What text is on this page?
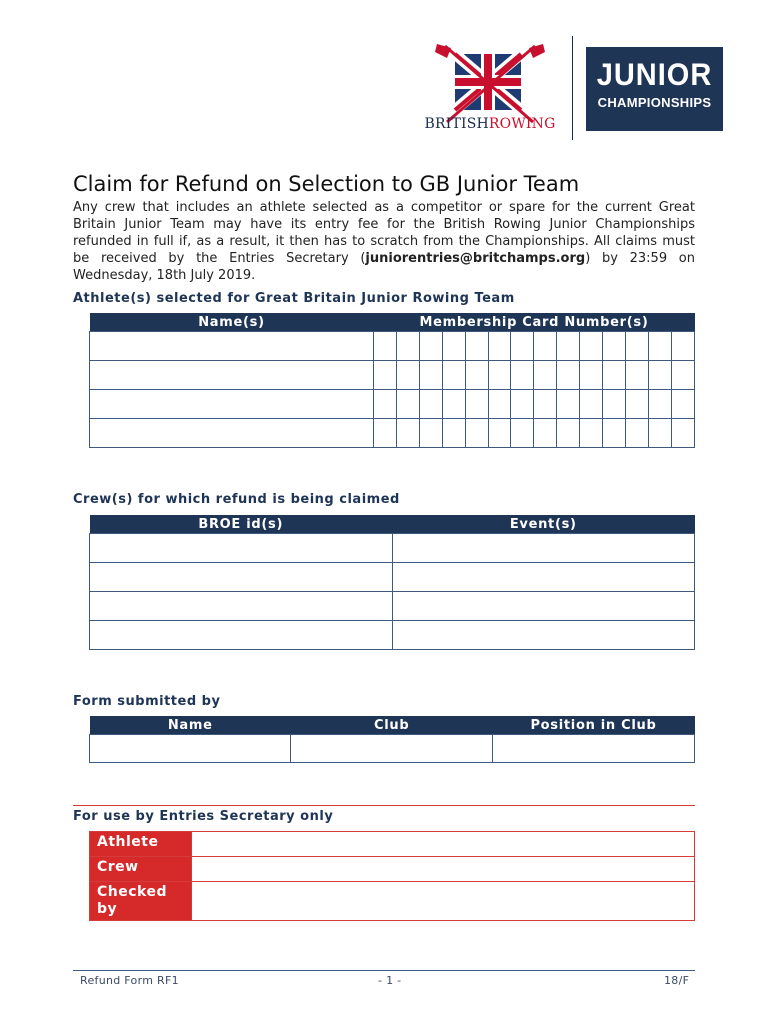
BRITISHROWING
JUNIOR
CHAMPIONSHIPS
Claim for Refund on Selection to GB Junior Team
Any crew that includes an athlete selected as a competitor or spare for the current Great Britain Junior Team may have its entry fee for the British Rowing Junior Championships refunded in full if, as a result, it then has to scratch from the Championships. All claims must be received by the Entries Secretary (juniorentries@britchamps.org) by 23:59 on Wednesday, 18th July 2019.
Athlete(s) selected for Great Britain Junior Rowing Team
Name(s)	Membership Card Number(s)													

Crew(s) for which refund is being claimed
BROE id(s)	Event(s)

Form submitted by
Name	Club	Position in Club

For use by Entries Secretary only
Athlete	
Crew	
Checked by	
Refund Form RF1	- 1 -	18/F
